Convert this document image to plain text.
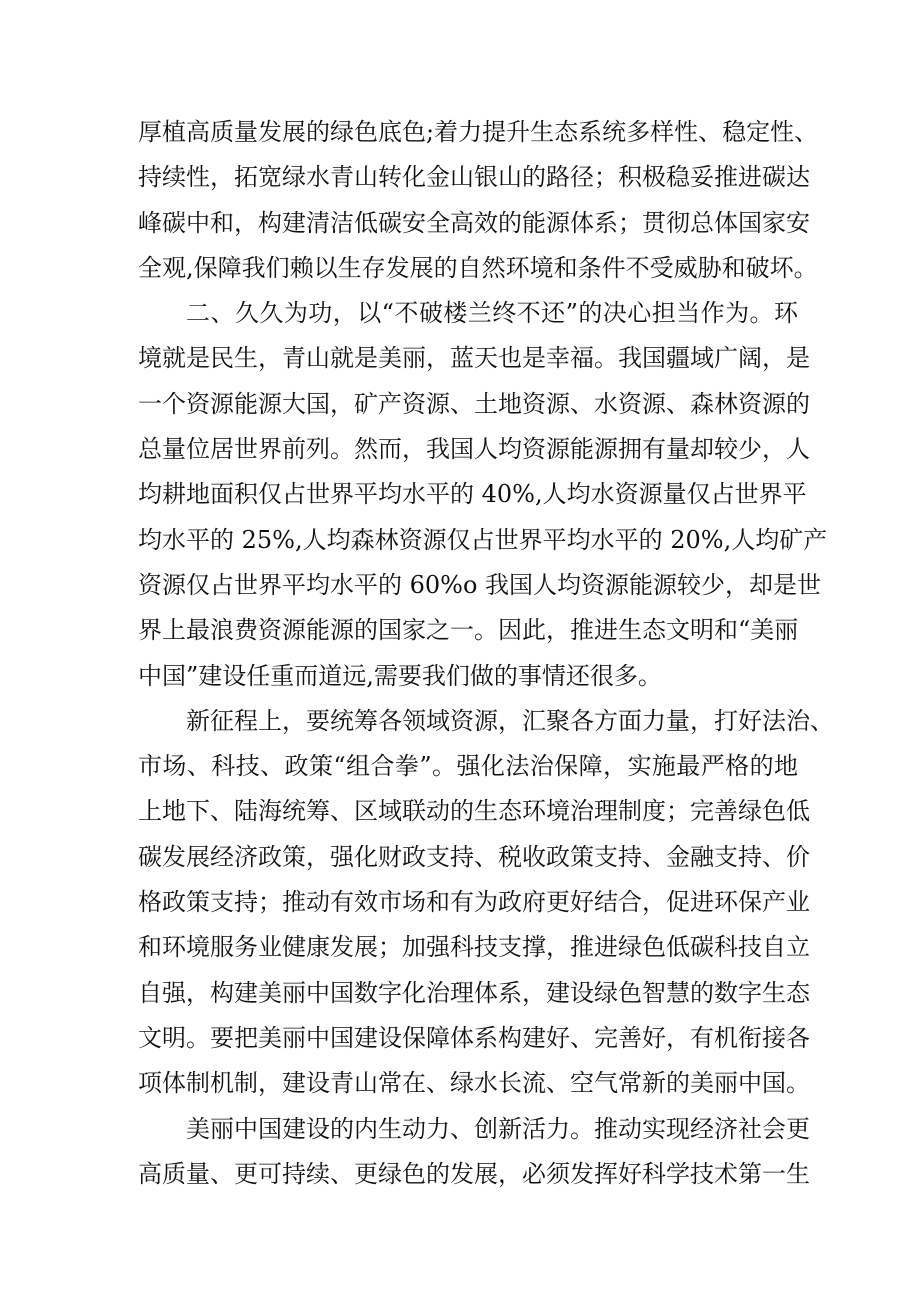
厚植高质量发展的绿色底色;着力提升生态系统多样性、稳定性、
持续性，拓宽绿水青山转化金山银山的路径；积极稳妥推进碳达
峰碳中和，构建清洁低碳安全高效的能源体系；贯彻总体国家安
全观,保障我们赖以生存发展的自然环境和条件不受威胁和破坏。
二、久久为功，以“不破楼兰终不还”的决心担当作为。环
境就是民生，青山就是美丽，蓝天也是幸福。我国疆域广阔，是
一个资源能源大国，矿产资源、土地资源、水资源、森林资源的
总量位居世界前列。然而，我国人均资源能源拥有量却较少，人
均耕地面积仅占世界平均水平的 40%,人均水资源量仅占世界平
均水平的 25%,人均森林资源仅占世界平均水平的 20%,人均矿产
资源仅占世界平均水平的 60%o 我国人均资源能源较少，却是世
界上最浪费资源能源的国家之一。因此，推进生态文明和“美丽
中国”建设任重而道远,需要我们做的事情还很多。
新征程上，要统筹各领域资源，汇聚各方面力量，打好法治、
市场、科技、政策“组合拳”。强化法治保障，实施最严格的地
上地下、陆海统筹、区域联动的生态环境治理制度；完善绿色低
碳发展经济政策，强化财政支持、税收政策支持、金融支持、价
格政策支持；推动有效市场和有为政府更好结合，促进环保产业
和环境服务业健康发展；加强科技支撑，推进绿色低碳科技自立
自强，构建美丽中国数字化治理体系，建设绿色智慧的数字生态
文明。要把美丽中国建设保障体系构建好、完善好，有机衔接各
项体制机制，建设青山常在、绿水长流、空气常新的美丽中国。
美丽中国建设的内生动力、创新活力。推动实现经济社会更
高质量、更可持续、更绿色的发展，必须发挥好科学技术第一生
